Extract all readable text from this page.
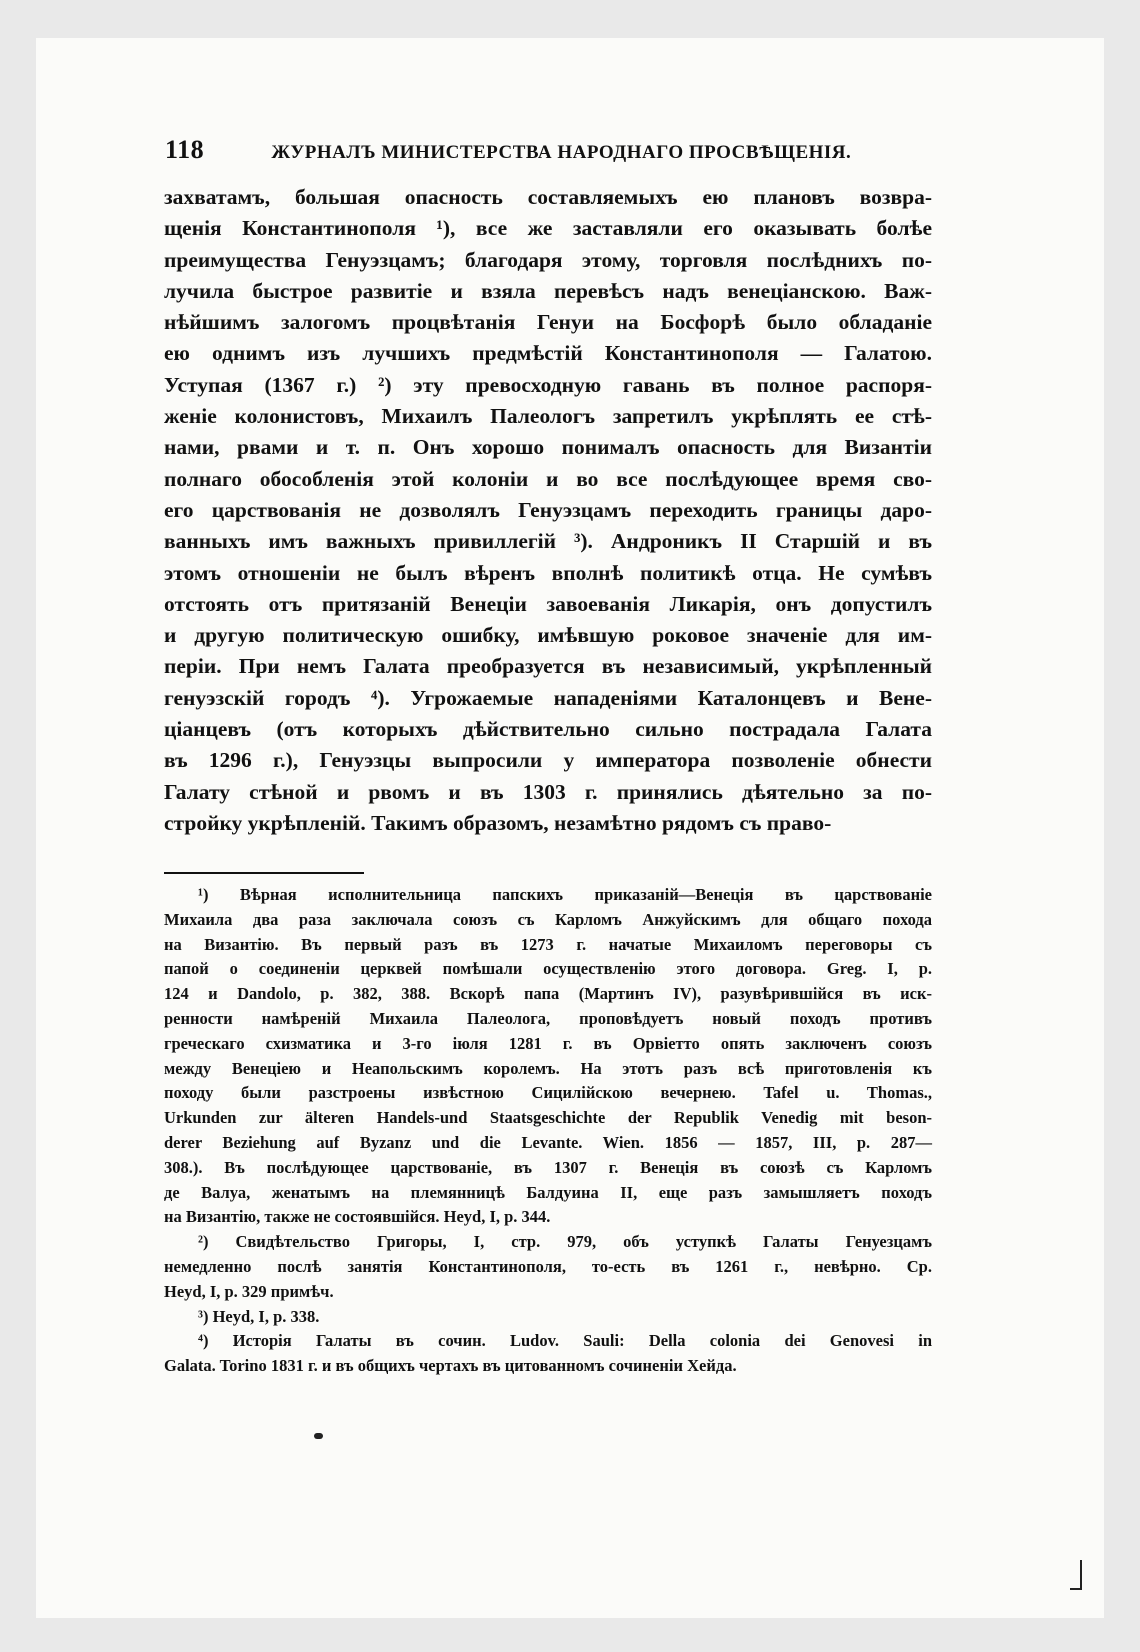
118	ЖУРНАЛЪ МИНИСТЕРСТВА НАРОДНАГО ПРОСВѢЩЕНІЯ.
захватамъ, большая опасность составляемыхъ ею плановъ возвра-
щенія Константинополя ¹), все же заставляли его оказывать болѣе
преимущества Генуэзцамъ; благодаря этому, торговля послѣднихъ по-
лучила быстрое развитіе и взяла перевѣсъ надъ венеціанскою. Важ-
нѣйшимъ залогомъ процвѣтанія Генуи на Босфорѣ было обладаніе
ею однимъ изъ лучшихъ предмѣстій Константинополя — Галатою.
Уступая (1367 г.) ²) эту превосходную гавань въ полное распоря-
женіе колонистовъ, Михаилъ Палеологъ запретилъ укрѣплять ее стѣ-
нами, рвами и т. п. Онъ хорошо понималъ опасность для Византіи
полнаго обособленія этой колоніи и во все послѣдующее время сво-
его царствованія не дозволялъ Генуэзцамъ переходить границы даро-
ванныхъ имъ важныхъ привиллегій ³). Андроникъ II Старшій и въ
этомъ отношеніи не былъ вѣренъ вполнѣ политикѣ отца. Не сумѣвъ
отстоять отъ притязаній Венеціи завоеванія Ликарія, онъ допустилъ
и другую политическую ошибку, имѣвшую роковое значеніе для им-
періи. При немъ Галата преобразуется въ независимый, укрѣпленный
генуэзскій городъ ⁴). Угрожаемые нападеніями Каталонцевъ и Вене-
ціанцевъ (отъ которыхъ дѣйствительно сильно пострадала Галата
въ 1296 г.), Генуэзцы выпросили у императора позволеніе обнести
Галату стѣной и рвомъ и въ 1303 г. принялись дѣятельно за по-
стройку укрѣпленій. Такимъ образомъ, незамѣтно рядомъ съ право-
¹) Вѣрная исполнительница папскихъ приказаній—Венеція въ царствованіе
Михаила два раза заключала союзъ съ Карломъ Анжуйскимъ для общаго похода
на Византію. Въ первый разъ въ 1273 г. начатые Михаиломъ переговоры съ
папой о соединеніи церквей помѣшали осуществленію этого договора. Greg. I, p.
124 и Dandolo, p. 382, 388. Вскорѣ папа (Мартинъ IV), разувѣрившійся въ иск-
ренности намѣреній Михаила Палеолога, проповѣдуетъ новый походъ противъ
греческаго схизматика и 3-го іюля 1281 г. въ Орвіетто опять заключенъ союзъ
между Венеціею и Неапольскимъ королемъ. На этотъ разъ всѣ приготовленія къ
походу были разстроены извѣстною Сицилійскою вечернею. Tafel u. Thomas.,
Urkunden zur älteren Handels-und Staatsgeschichte der Republik Venedig mit beson-
derer Beziehung auf Byzanz und die Levante. Wien. 1856 — 1857, III, p. 287—
308.). Въ послѣдующее царствованіе, въ 1307 г. Венеція въ союзѣ съ Карломъ
де Валуа, женатымъ на племянницѣ Балдуина II, еще разъ замышляетъ походъ
на Византію, также не состоявшійся. Heyd, I, p. 344.
²) Свидѣтельство Григоры, I, стр. 979, объ уступкѣ Галаты Генуезцамъ
немедленно послѣ занятія Константинополя, то-есть въ 1261 г., невѣрно. Ср.
Heyd, I, p. 329 примѣч.
³) Heyd, I, p. 338.
⁴) Исторія Галаты въ сочин. Ludov. Sauli: Della colonia dei Genovesi in
Galata. Torino 1831 г. и въ общихъ чертахъ въ цитованномъ сочиненіи Хейда.
